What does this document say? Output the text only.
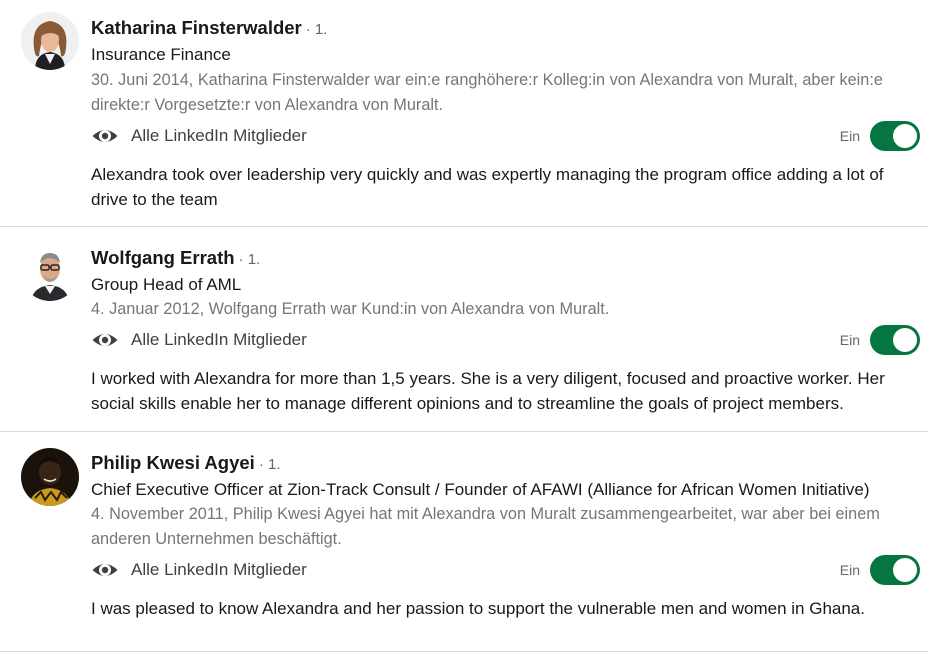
Katharina Finsterwalder · 1.
Insurance Finance
30. Juni 2014, Katharina Finsterwalder war ein:e ranghöhere:r Kolleg:in von Alexandra von Muralt, aber kein:e direkte:r Vorgesetzte:r von Alexandra von Muralt.
Alle LinkedIn Mitglieder	Ein
Alexandra took over leadership very quickly and was expertly managing the program office adding a lot of drive to the team
Wolfgang Errath · 1.
Group Head of AML
4. Januar 2012, Wolfgang Errath war Kund:in von Alexandra von Muralt.
Alle LinkedIn Mitglieder	Ein
I worked with Alexandra for more than 1,5 years. She is a very diligent, focused and proactive worker. Her social skills enable her to manage different opinions and to streamline the goals of project members.
Philip Kwesi Agyei · 1.
Chief Executive Officer at Zion-Track Consult / Founder of AFAWI (Alliance for African Women Initiative)
4. November 2011, Philip Kwesi Agyei hat mit Alexandra von Muralt zusammengearbeitet, war aber bei einem anderen Unternehmen beschäftigt.
Alle LinkedIn Mitglieder	Ein
I was pleased to know Alexandra and her passion to support the vulnerable men and women in Ghana.
